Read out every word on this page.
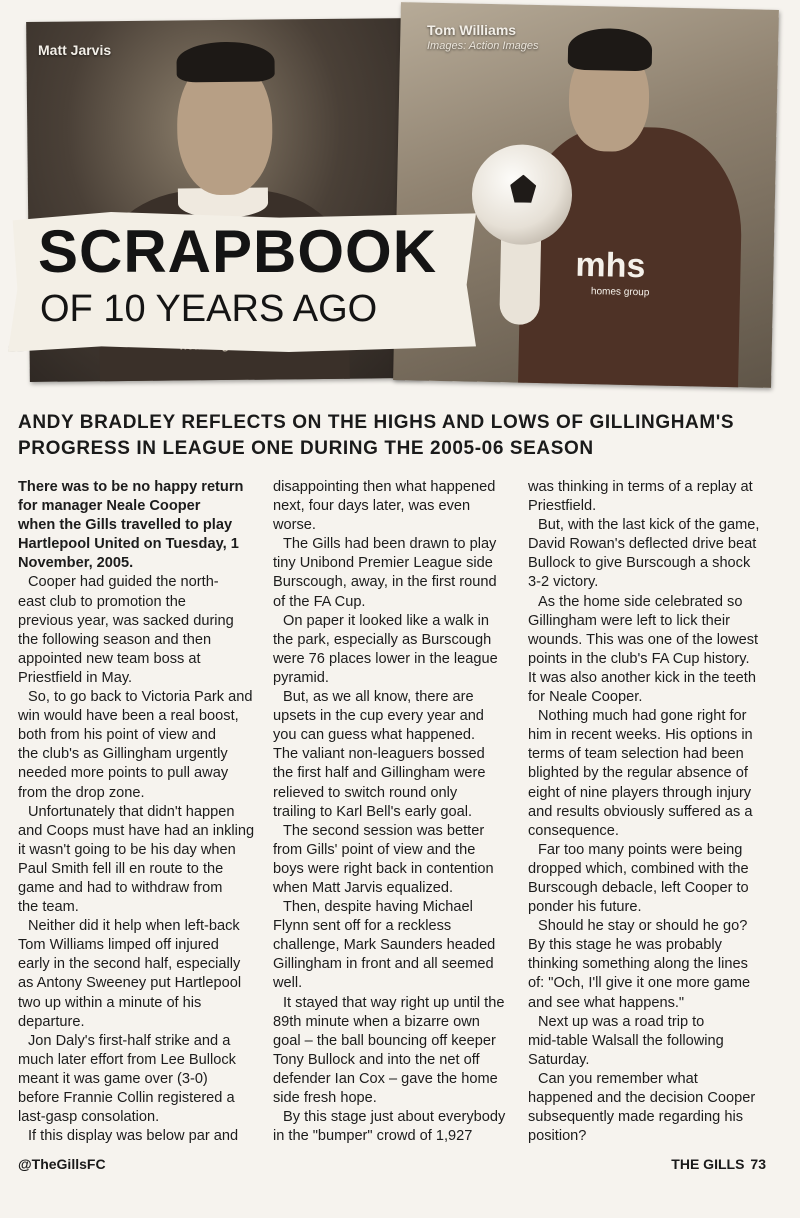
Matt Jarvis
mhs
homes group
Tom Williams
Images: Action Images
SCRAPBOOK
OF 10 YEARS AGO
ANDY BRADLEY REFLECTS ON THE HIGHS AND LOWS OF GILLINGHAM'S
PROGRESS IN LEAGUE ONE DURING THE 2005-06 SEASON
There was to be no happy return
for manager Neale Cooper
when the Gills travelled to play
Hartlepool United on Tuesday, 1
November, 2005.
Cooper had guided the north-
east club to promotion the
previous year, was sacked during
the following season and then
appointed new team boss at
Priestfield in May.
So, to go back to Victoria Park and
win would have been a real boost,
both from his point of view and
the club's as Gillingham urgently
needed more points to pull away
from the drop zone.
Unfortunately that didn't happen
and Coops must have had an inkling
it wasn't going to be his day when
Paul Smith fell ill en route to the
game and had to withdraw from
the team.
Neither did it help when left-back
Tom Williams limped off injured
early in the second half, especially
as Antony Sweeney put Hartlepool
two up within a minute of his
departure.
Jon Daly's first-half strike and a
much later effort from Lee Bullock
meant it was game over (3-0)
before Frannie Collin registered a
last-gasp consolation.
If this display was below par and
disappointing then what happened
next, four days later, was even
worse.
The Gills had been drawn to play
tiny Unibond Premier League side
Burscough, away, in the first round
of the FA Cup.
On paper it looked like a walk in
the park, especially as Burscough
were 76 places lower in the league
pyramid.
But, as we all know, there are
upsets in the cup every year and
you can guess what happened.
The valiant non-leaguers bossed
the first half and Gillingham were
relieved to switch round only
trailing to Karl Bell's early goal.
The second session was better
from Gills' point of view and the
boys were right back in contention
when Matt Jarvis equalized.
Then, despite having Michael
Flynn sent off for a reckless
challenge, Mark Saunders headed
Gillingham in front and all seemed
well.
It stayed that way right up until the
89th minute when a bizarre own
goal – the ball bouncing off keeper
Tony Bullock and into the net off
defender Ian Cox – gave the home
side fresh hope.
By this stage just about everybody
in the "bumper" crowd of 1,927
was thinking in terms of a replay at
Priestfield.
But, with the last kick of the game,
David Rowan's deflected drive beat
Bullock to give Burscough a shock
3-2 victory.
As the home side celebrated so
Gillingham were left to lick their
wounds. This was one of the lowest
points in the club's FA Cup history.
It was also another kick in the teeth
for Neale Cooper.
Nothing much had gone right for
him in recent weeks. His options in
terms of team selection had been
blighted by the regular absence of
eight of nine players through injury
and results obviously suffered as a
consequence.
Far too many points were being
dropped which, combined with the
Burscough debacle, left Cooper to
ponder his future.
Should he stay or should he go?
By this stage he was probably
thinking something along the lines
of: "Och, I'll give it one more game
and see what happens."
Next up was a road trip to
mid-table Walsall the following
Saturday.
Can you remember what
happened and the decision Cooper
subsequently made regarding his
position?
@TheGillsFC	THE GILLS 73
